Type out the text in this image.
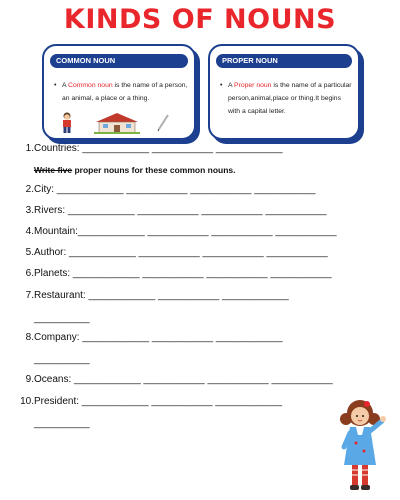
KINDS OF NOUNS
COMMON NOUN
• A Common noun is the name of a person, an animal, a place or a thing.
PROPER NOUN
• A Proper noun is the name of a particular person,animal,place or thing.It begins with a capital letter.
1.Countries: ____________ ___________ ____________
Write five proper nouns for these common nouns.
2.City: ____________ ___________ ___________ ___________
3.Rivers: ____________ ___________ ___________ ___________
4.Mountain:____________ ___________ ___________ ___________
5.Author: ____________ ___________ ___________ ___________
6.Planets: ____________ ___________ ___________ ___________
7.Restaurant: ____________ ___________ ____________
__________
8.Company: ____________ ___________ ____________
__________
9.Oceans: ____________ ___________ ___________ ___________
10.President: ____________ ___________ ____________
__________
